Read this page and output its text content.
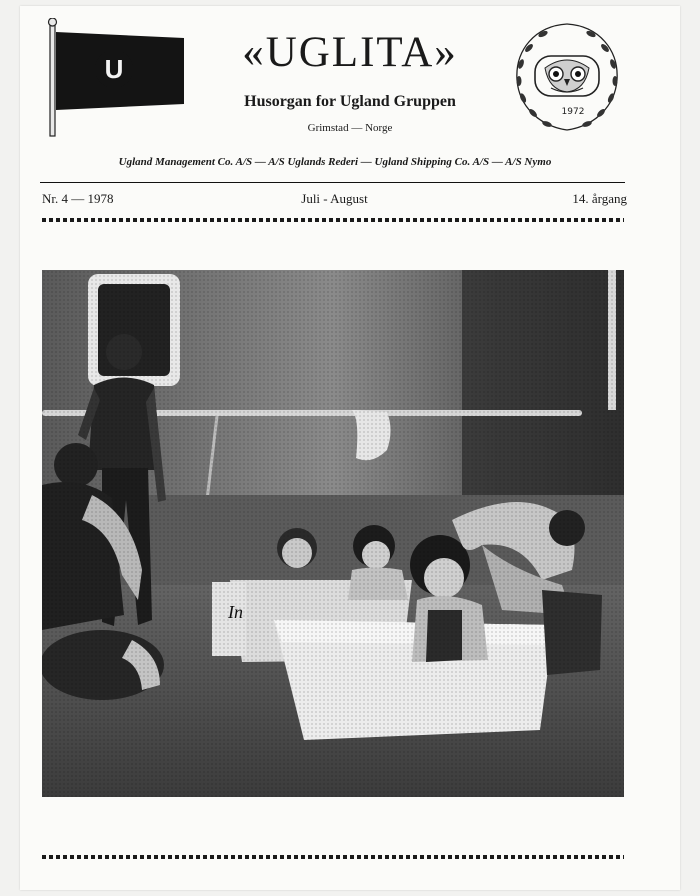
U	«UGLITA»
Husorgan for Ugland Gruppen
Grimstad — Norge
1972
Ugland Management Co. A/S — A/S Uglands Rederi — Ugland Shipping Co. A/S — A/S Nymo
Nr. 4 — 1978	Juli - August	14. årgang
